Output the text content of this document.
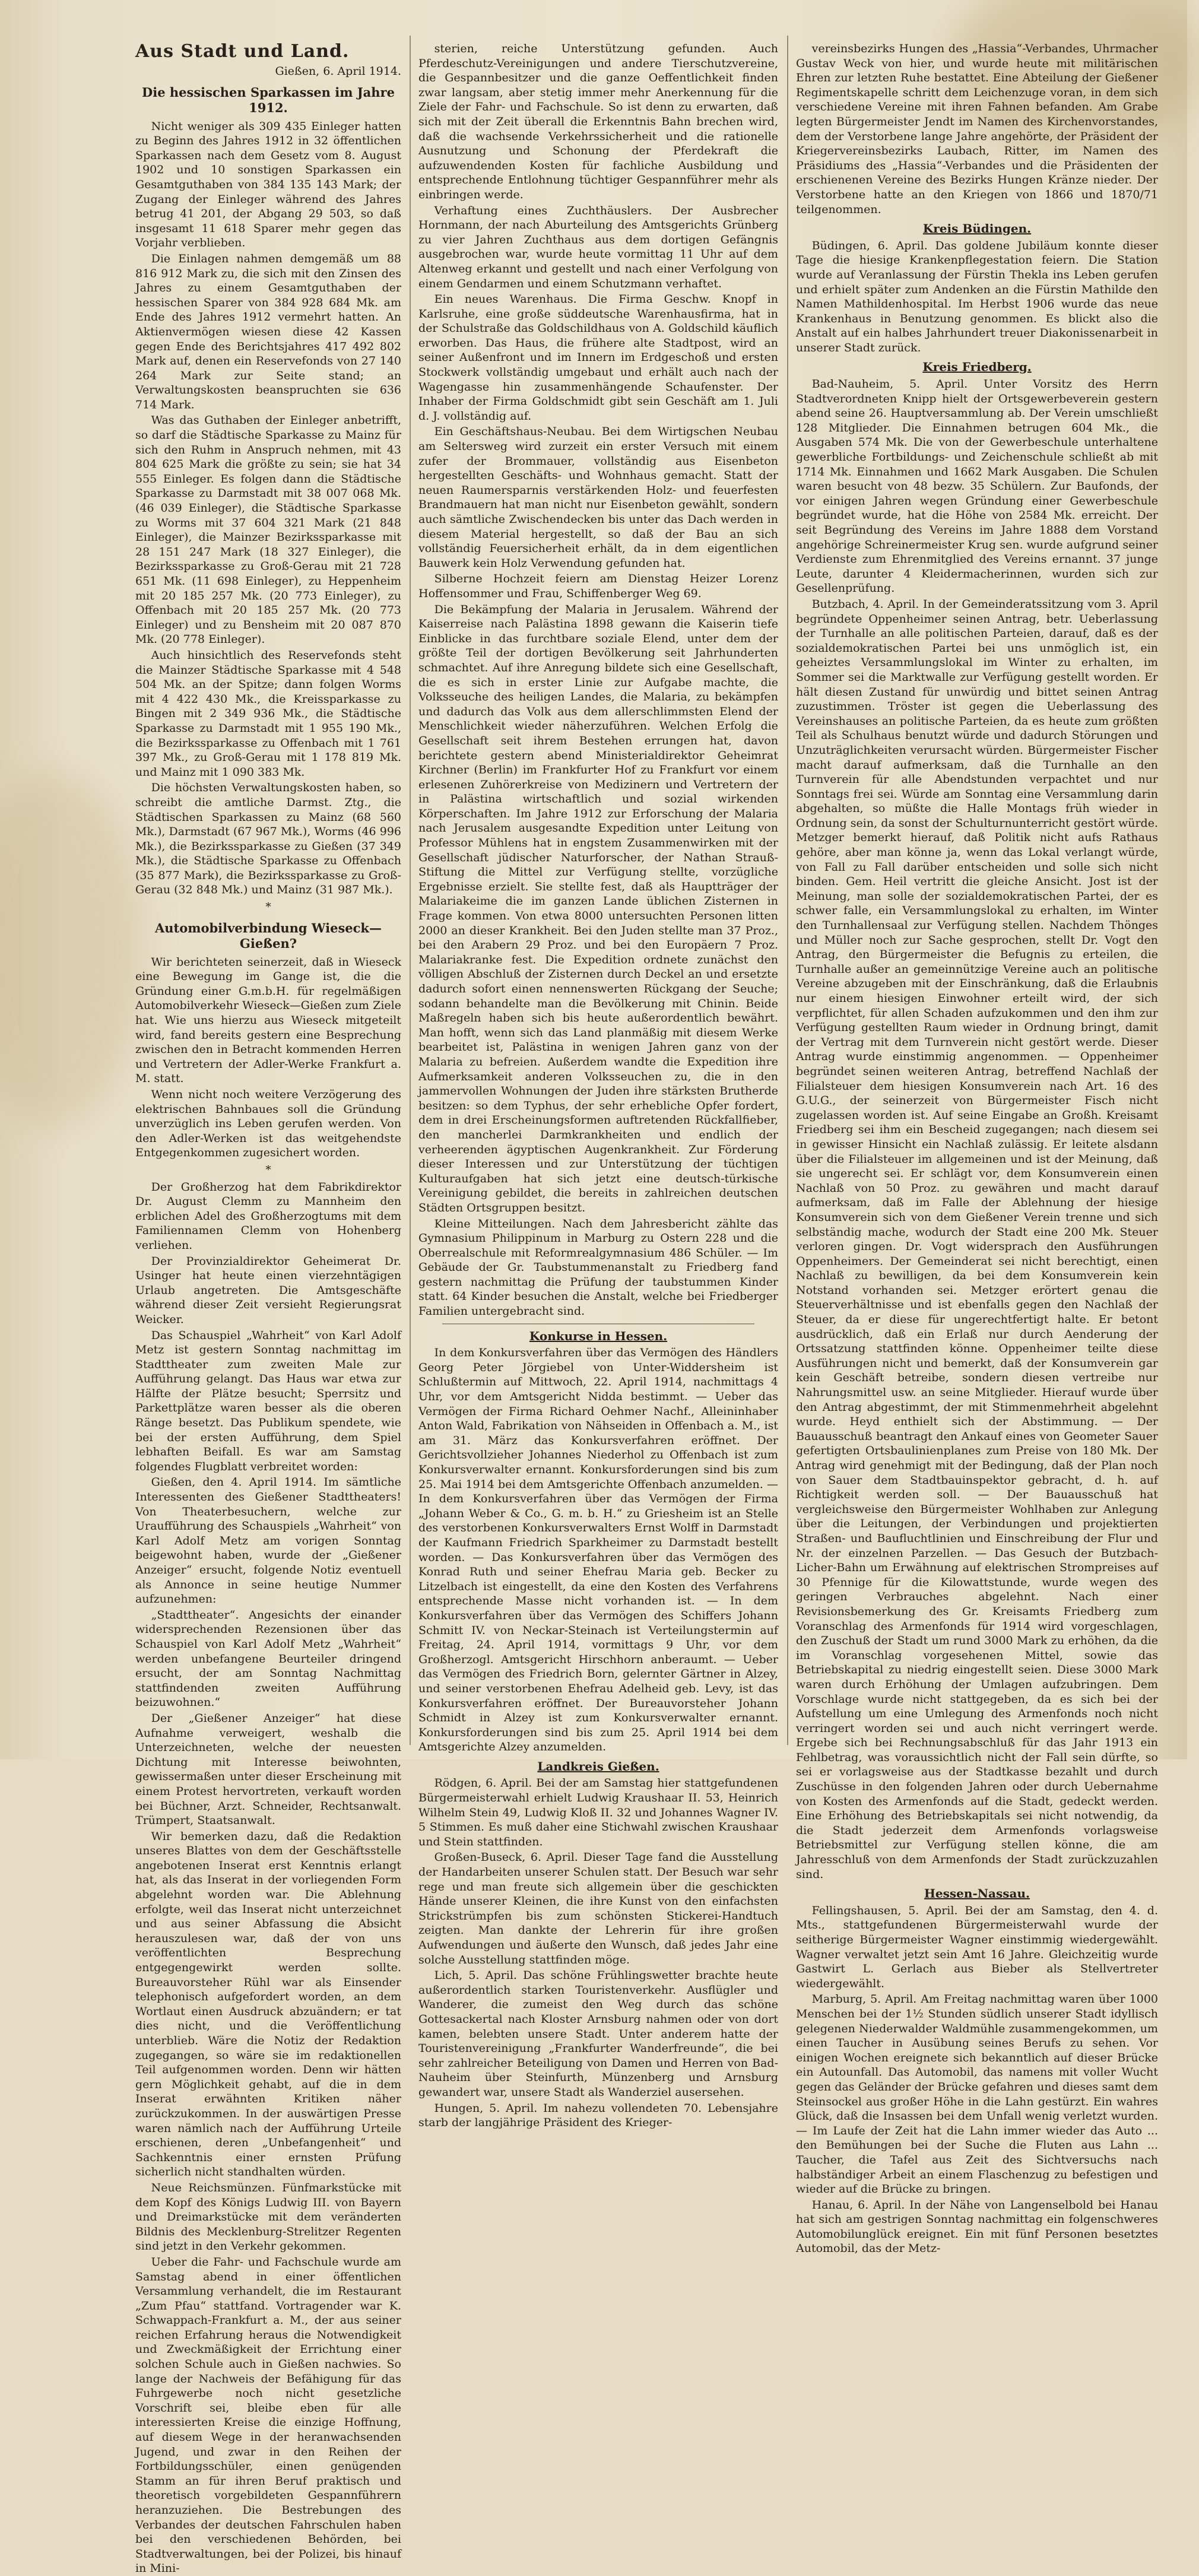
Aus Stadt und Land.

Gießen, 6. April 1914.

Die hessischen Sparkassen im Jahre 1912.

Nicht weniger als 309 435 Einleger hatten zu Beginn des Jahres 1912 in 32 öffentlichen Sparkassen nach dem Gesetz vom 8. August 1902 und 10 sonstigen Sparkassen ein Gesamtguthaben von 384 135 143 Mark; der Zugang der Einleger während des Jahres betrug 41 201, der Abgang 29 503, so daß insgesamt 11 618 Sparer mehr gegen das Vorjahr verblieben.

Die Einlagen nahmen demgemäß um 88 816 912 Mark zu, die sich mit den Zinsen des Jahres zu einem Gesamtguthaben der hessischen Sparer von 384 928 684 Mk. am Ende des Jahres 1912 vermehrt hatten. An Aktienvermögen wiesen diese 42 Kassen gegen Ende des Berichtsjahres 417 492 802 Mark auf, denen ein Reservefonds von 27 140 264 Mark zur Seite stand; an Verwaltungskosten beanspruchten sie 636 714 Mark.

Was das Guthaben der Einleger anbetrifft, so darf die Städtische Sparkasse zu Mainz für sich den Ruhm in Anspruch nehmen, mit 43 804 625 Mark die größte zu sein; sie hat 34 555 Einleger. Es folgen dann die Städtische Sparkasse zu Darmstadt mit 38 007 068 Mk. (46 039 Einleger), die Städtische Sparkasse zu Worms mit 37 604 321 Mark (21 848 Einleger), die Mainzer Bezirkssparkasse mit 28 151 247 Mark (18 327 Einleger), die Bezirkssparkasse zu Groß-Gerau mit 21 728 651 Mk. (11 698 Einleger), zu Heppenheim mit 20 185 257 Mk. (20 773 Einleger), zu Offenbach mit 20 185 257 Mk. (20 773 Einleger) und zu Bensheim mit 20 087 870 Mk. (20 778 Einleger).

Auch hinsichtlich des Reservefonds steht die Mainzer Städtische Sparkasse mit 4 548 504 Mk. an der Spitze; dann folgen Worms mit 4 422 430 Mk., die Kreissparkasse zu Bingen mit 2 349 936 Mk., die Städtische Sparkasse zu Darmstadt mit 1 955 190 Mk., die Bezirkssparkasse zu Offenbach mit 1 761 397 Mk., zu Groß-Gerau mit 1 178 819 Mk. und Mainz mit 1 090 383 Mk.

Die höchsten Verwaltungskosten haben, so schreibt die amtliche Darmst. Ztg., die Städtischen Sparkassen zu Mainz (68 560 Mk.), Darmstadt (67 967 Mk.), Worms (46 996 Mk.), die Bezirkssparkasse zu Gießen (37 349 Mk.), die Städtische Sparkasse zu Offenbach (35 877 Mark), die Bezirkssparkasse zu Groß-Gerau (32 848 Mk.) und Mainz (31 987 Mk.).

*
Automobilverbindung Wieseck—Gießen?

Wir berichteten seinerzeit, daß in Wieseck eine Bewegung im Gange ist, die die Gründung einer G.m.b.H. für regelmäßigen Automobilverkehr Wieseck—Gießen zum Ziele hat. Wie uns hierzu aus Wieseck mitgeteilt wird, fand bereits gestern eine Besprechung zwischen den in Betracht kommenden Herren und Vertretern der Adler-Werke Frankfurt a. M. statt.

Wenn nicht noch weitere Verzögerung des elektrischen Bahnbaues soll die Gründung unverzüglich ins Leben gerufen werden. Von den Adler-Werken ist das weitgehendste Entgegenkommen zugesichert worden.

*

Der Großherzog hat dem Fabrikdirektor Dr. August Clemm zu Mannheim den erblichen Adel des Großherzogtums mit dem Familiennamen Clemm von Hohenberg verliehen.

Der Provinzialdirektor Geheimerat Dr. Usinger hat heute einen vierzehntägigen Urlaub angetreten. Die Amtsgeschäfte während dieser Zeit versieht Regierungsrat Weicker.

Das Schauspiel „Wahrheit“ von Karl Adolf Metz ist gestern Sonntag nachmittag im Stadttheater zum zweiten Male zur Aufführung gelangt. Das Haus war etwa zur Hälfte der Plätze besucht; Sperrsitz und Parkettplätze waren besser als die oberen Ränge besetzt. Das Publikum spendete, wie bei der ersten Aufführung, dem Spiel lebhaften Beifall. Es war am Samstag folgendes Flugblatt verbreitet worden:

Gießen, den 4. April 1914. Im sämtliche Interessenten des Gießener Stadttheaters! Von Theaterbesuchern, welche zur Uraufführung des Schauspiels „Wahrheit“ von Karl Adolf Metz am vorigen Sonntag beigewohnt haben, wurde der „Gießener Anzeiger“ ersucht, folgende Notiz eventuell als Annonce in seine heutige Nummer aufzunehmen:

„Stadttheater“. Angesichts der einander widersprechenden Rezensionen über das Schauspiel von Karl Adolf Metz „Wahrheit“ werden unbefangene Beurteiler dringend ersucht, der am Sonntag Nachmittag stattfindenden zweiten Aufführung beizuwohnen.“

Der „Gießener Anzeiger“ hat diese Aufnahme verweigert, weshalb die Unterzeichneten, welche der neuesten Dichtung mit Interesse beiwohnten, gewissermaßen unter dieser Erscheinung mit einem Protest hervortreten, verkauft worden bei Büchner, Arzt. Schneider, Rechtsanwalt. Trümpert, Staatsanwalt.

Wir bemerken dazu, daß die Redaktion unseres Blattes von dem der Geschäftsstelle angebotenen Inserat erst Kenntnis erlangt hat, als das Inserat in der vorliegenden Form abgelehnt worden war. Die Ablehnung erfolgte, weil das Inserat nicht unterzeichnet und aus seiner Abfassung die Absicht herauszulesen war, daß der von uns veröffentlichten Besprechung entgegengewirkt werden sollte. Bureauvorsteher Rühl war als Einsender telephonisch aufgefordert worden, an dem Wortlaut einen Ausdruck abzuändern; er tat dies nicht, und die Veröffentlichung unterblieb. Wäre die Notiz der Redaktion zugegangen, so wäre sie im redaktionellen Teil aufgenommen worden. Denn wir hätten gern Möglichkeit gehabt, auf die in dem Inserat erwähnten Kritiken näher zurückzukommen. In der auswärtigen Presse waren nämlich nach der Aufführung Urteile erschienen, deren „Unbefangenheit“ und Sachkenntnis einer ernsten Prüfung sicherlich nicht standhalten würden.

Neue Reichsmünzen. Fünfmarkstücke mit dem Kopf des Königs Ludwig III. von Bayern und Dreimarkstücke mit dem veränderten Bildnis des Mecklenburg-Strelitzer Regenten sind jetzt in den Verkehr gekommen.

Ueber die Fahr- und Fachschule wurde am Samstag abend in einer öffentlichen Versammlung verhandelt, die im Restaurant „Zum Pfau“ stattfand. Vortragender war K. Schwappach-Frankfurt a. M., der aus seiner reichen Erfahrung heraus die Notwendigkeit und Zweckmäßigkeit der Errichtung einer solchen Schule auch in Gießen nachwies. So lange der Nachweis der Befähigung für das Fuhrgewerbe noch nicht gesetzliche Vorschrift sei, bleibe eben für alle interessierten Kreise die einzige Hoffnung, auf diesem Wege in der heranwachsenden Jugend, und zwar in den Reihen der Fortbildungsschüler, einen genügenden Stamm an für ihren Beruf praktisch und theoretisch vorgebildeten Gespannführern heranzuziehen. Die Bestrebungen des Verbandes der deutschen Fahrschulen haben bei den verschiedenen Behörden, bei Stadtverwaltungen, bei der Polizei, bis hinauf in Mini-

sterien, reiche Unterstützung gefunden. Auch Pferdeschutz-Vereinigungen und andere Tierschutzvereine, die Gespannbesitzer und die ganze Oeffentlichkeit finden zwar langsam, aber stetig immer mehr Anerkennung für die Ziele der Fahr- und Fachschule. So ist denn zu erwarten, daß sich mit der Zeit überall die Erkenntnis Bahn brechen wird, daß die wachsende Verkehrssicherheit und die rationelle Ausnutzung und Schonung der Pferdekraft die aufzuwendenden Kosten für fachliche Ausbildung und entsprechende Entlohnung tüchtiger Gespannführer mehr als einbringen werde.

Verhaftung eines Zuchthäuslers. Der Ausbrecher Hornmann, der nach Aburteilung des Amtsgerichts Grünberg zu vier Jahren Zuchthaus aus dem dortigen Gefängnis ausgebrochen war, wurde heute vormittag 11 Uhr auf dem Altenweg erkannt und gestellt und nach einer Verfolgung von einem Gendarmen und einem Schutzmann verhaftet.

Ein neues Warenhaus. Die Firma Geschw. Knopf in Karlsruhe, eine große süddeutsche Warenhausfirma, hat in der Schulstraße das Goldschildhaus von A. Goldschild käuflich erworben. Das Haus, die frühere alte Stadtpost, wird an seiner Außenfront und im Innern im Erdgeschoß und ersten Stockwerk vollständig umgebaut und erhält auch nach der Wagengasse hin zusammenhängende Schaufenster. Der Inhaber der Firma Goldschmidt gibt sein Geschäft am 1. Juli d. J. vollständig auf.

Ein Geschäftshaus-Neubau. Bei dem Wirtigschen Neubau am Seltersweg wird zurzeit ein erster Versuch mit einem zufer der Brommauer, vollständig aus Eisenbeton hergestellten Geschäfts- und Wohnhaus gemacht. Statt der neuen Raumersparnis verstärkenden Holz- und feuerfesten Brandmauern hat man nicht nur Eisenbeton gewählt, sondern auch sämtliche Zwischendecken bis unter das Dach werden in diesem Material hergestellt, so daß der Bau an sich vollständig Feuersicherheit erhält, da in dem eigentlichen Bauwerk kein Holz Verwendung gefunden hat.

Silberne Hochzeit feiern am Dienstag Heizer Lorenz Hoffensommer und Frau, Schiffenberger Weg 69.

Die Bekämpfung der Malaria in Jerusalem. Während der Kaiserreise nach Palästina 1898 gewann die Kaiserin tiefe Einblicke in das furchtbare soziale Elend, unter dem der größte Teil der dortigen Bevölkerung seit Jahrhunderten schmachtet. Auf ihre Anregung bildete sich eine Gesellschaft, die es sich in erster Linie zur Aufgabe machte, die Volksseuche des heiligen Landes, die Malaria, zu bekämpfen und dadurch das Volk aus dem allerschlimmsten Elend der Menschlichkeit wieder näherzuführen. Welchen Erfolg die Gesellschaft seit ihrem Bestehen errungen hat, davon berichtete gestern abend Ministerialdirektor Geheimrat Kirchner (Berlin) im Frankfurter Hof zu Frankfurt vor einem erlesenen Zuhörerkreise von Medizinern und Vertretern der in Palästina wirtschaftlich und sozial wirkenden Körperschaften. Im Jahre 1912 zur Erforschung der Malaria nach Jerusalem ausgesandte Expedition unter Leitung von Professor Mühlens hat in engstem Zusammenwirken mit der Gesellschaft jüdischer Naturforscher, der Nathan Strauß-Stiftung die Mittel zur Verfügung stellte, vorzügliche Ergebnisse erzielt. Sie stellte fest, daß als Hauptträger der Malariakeime die im ganzen Lande üblichen Zisternen in Frage kommen. Von etwa 8000 untersuchten Personen litten 2000 an dieser Krankheit. Bei den Juden stellte man 37 Proz., bei den Arabern 29 Proz. und bei den Europäern 7 Proz. Malariakranke fest. Die Expedition ordnete zunächst den völligen Abschluß der Zisternen durch Deckel an und ersetzte dadurch sofort einen nennenswerten Rückgang der Seuche; sodann behandelte man die Bevölkerung mit Chinin. Beide Maßregeln haben sich bis heute außerordentlich bewährt. Man hofft, wenn sich das Land planmäßig mit diesem Werke bearbeitet ist, Palästina in wenigen Jahren ganz von der Malaria zu befreien. Außerdem wandte die Expedition ihre Aufmerksamkeit anderen Volksseuchen zu, die in den jammervollen Wohnungen der Juden ihre stärksten Brutherde besitzen: so dem Typhus, der sehr erhebliche Opfer fordert, dem in drei Erscheinungsformen auftretenden Rückfallfieber, den mancherlei Darmkrankheiten und endlich der verheerenden ägyptischen Augenkrankheit. Zur Förderung dieser Interessen und zur Unterstützung der tüchtigen Kulturaufgaben hat sich jetzt eine deutsch-türkische Vereinigung gebildet, die bereits in zahlreichen deutschen Städten Ortsgruppen besitzt.

Kleine Mitteilungen. Nach dem Jahresbericht zählte das Gymnasium Philippinum in Marburg zu Ostern 228 und die Oberrealschule mit Reformrealgymnasium 486 Schüler. — Im Gebäude der Gr. Taubstummenanstalt zu Friedberg fand gestern nachmittag die Prüfung der taubstummen Kinder statt. 64 Kinder besuchen die Anstalt, welche bei Friedberger Familien untergebracht sind.

Konkurse in Hessen.

In dem Konkursverfahren über das Vermögen des Händlers Georg Peter Jörgiebel von Unter-Widdersheim ist Schlußtermin auf Mittwoch, 22. April 1914, nachmittags 4 Uhr, vor dem Amtsgericht Nidda bestimmt. — Ueber das Vermögen der Firma Richard Oehmer Nachf., Alleininhaber Anton Wald, Fabrikation von Nähseiden in Offenbach a. M., ist am 31. März das Konkursverfahren eröffnet. Der Gerichtsvollzieher Johannes Niederhol zu Offenbach ist zum Konkursverwalter ernannt. Konkursforderungen sind bis zum 25. Mai 1914 bei dem Amtsgerichte Offenbach anzumelden. — In dem Konkursverfahren über das Vermögen der Firma „Johann Weber & Co., G. m. b. H.“ zu Griesheim ist an Stelle des verstorbenen Konkursverwalters Ernst Wolff in Darmstadt der Kaufmann Friedrich Sparkheimer zu Darmstadt bestellt worden. — Das Konkursverfahren über das Vermögen des Konrad Ruth und seiner Ehefrau Maria geb. Becker zu Litzelbach ist eingestellt, da eine den Kosten des Verfahrens entsprechende Masse nicht vorhanden ist. — In dem Konkursverfahren über das Vermögen des Schiffers Johann Schmitt IV. von Neckar-Steinach ist Verteilungstermin auf Freitag, 24. April 1914, vormittags 9 Uhr, vor dem Großherzogl. Amtsgericht Hirschhorn anberaumt. — Ueber das Vermögen des Friedrich Born, gelernter Gärtner in Alzey, und seiner verstorbenen Ehefrau Adelheid geb. Levy, ist das Konkursverfahren eröffnet. Der Bureauvorsteher Johann Schmidt in Alzey ist zum Konkursverwalter ernannt. Konkursforderungen sind bis zum 25. April 1914 bei dem Amtsgerichte Alzey anzumelden.

Landkreis Gießen.

Rödgen, 6. April. Bei der am Samstag hier stattgefundenen Bürgermeisterwahl erhielt Ludwig Kraushaar II. 53, Heinrich Wilhelm Stein 49, Ludwig Kloß II. 32 und Johannes Wagner IV. 5 Stimmen. Es muß daher eine Stichwahl zwischen Kraushaar und Stein stattfinden.

Großen-Buseck, 6. April. Dieser Tage fand die Ausstellung der Handarbeiten unserer Schulen statt. Der Besuch war sehr rege und man freute sich allgemein über die geschickten Hände unserer Kleinen, die ihre Kunst von den einfachsten Strickstrümpfen bis zum schönsten Stickerei-Handtuch zeigten. Man dankte der Lehrerin für ihre großen Aufwendungen und äußerte den Wunsch, daß jedes Jahr eine solche Ausstellung stattfinden möge.

Lich, 5. April. Das schöne Frühlingswetter brachte heute außerordentlich starken Touristenverkehr. Ausflügler und Wanderer, die zumeist den Weg durch das schöne Gottesackertal nach Kloster Arnsburg nahmen oder von dort kamen, belebten unsere Stadt. Unter anderem hatte der Touristenvereinigung „Frankfurter Wanderfreunde“, die bei sehr zahlreicher Beteiligung von Damen und Herren von Bad-Nauheim über Steinfurth, Münzenberg und Arnsburg gewandert war, unsere Stadt als Wanderziel ausersehen.

Hungen, 5. April. Im nahezu vollendeten 70. Lebensjahre starb der langjährige Präsident des Krieger-

vereinsbezirks Hungen des „Hassia“-Verbandes, Uhrmacher Gustav Weck von hier, und wurde heute mit militärischen Ehren zur letzten Ruhe bestattet. Eine Abteilung der Gießener Regimentskapelle schritt dem Leichenzuge voran, in dem sich verschiedene Vereine mit ihren Fahnen befanden. Am Grabe legten Bürgermeister Jendt im Namen des Kirchenvorstandes, dem der Verstorbene lange Jahre angehörte, der Präsident der Kriegervereinsbezirks Laubach, Ritter, im Namen des Präsidiums des „Hassia“-Verbandes und die Präsidenten der erschienenen Vereine des Bezirks Hungen Kränze nieder. Der Verstorbene hatte an den Kriegen von 1866 und 1870/71 teilgenommen.

Kreis Büdingen.

Büdingen, 6. April. Das goldene Jubiläum konnte dieser Tage die hiesige Krankenpflegestation feiern. Die Station wurde auf Veranlassung der Fürstin Thekla ins Leben gerufen und erhielt später zum Andenken an die Fürstin Mathilde den Namen Mathildenhospital. Im Herbst 1906 wurde das neue Krankenhaus in Benutzung genommen. Es blickt also die Anstalt auf ein halbes Jahrhundert treuer Diakonissenarbeit in unserer Stadt zurück.

Kreis Friedberg.

Bad-Nauheim, 5. April. Unter Vorsitz des Herrn Stadtverordneten Knipp hielt der Ortsgewerbeverein gestern abend seine 26. Hauptversammlung ab. Der Verein umschließt 128 Mitglieder. Die Einnahmen betrugen 604 Mk., die Ausgaben 574 Mk. Die von der Gewerbeschule unterhaltene gewerbliche Fortbildungs- und Zeichenschule schließt ab mit 1714 Mk. Einnahmen und 1662 Mark Ausgaben. Die Schulen waren besucht von 48 bezw. 35 Schülern. Zur Baufonds, der vor einigen Jahren wegen Gründung einer Gewerbeschule begründet wurde, hat die Höhe von 2584 Mk. erreicht. Der seit Begründung des Vereins im Jahre 1888 dem Vorstand angehörige Schreinermeister Krug sen. wurde aufgrund seiner Verdienste zum Ehrenmitglied des Vereins ernannt. 37 junge Leute, darunter 4 Kleidermacherinnen, wurden sich zur Gesellenprüfung.

Butzbach, 4. April. In der Gemeinderatssitzung vom 3. April begründete Oppenheimer seinen Antrag, betr. Ueberlassung der Turnhalle an alle politischen Parteien, darauf, daß es der sozialdemokratischen Partei bei uns unmöglich ist, ein geheiztes Versammlungslokal im Winter zu erhalten, im Sommer sei die Marktwalle zur Verfügung gestellt worden. Er hält diesen Zustand für unwürdig und bittet seinen Antrag zuzustimmen. Tröster ist gegen die Ueberlassung des Vereinshauses an politische Parteien, da es heute zum größten Teil als Schulhaus benutzt würde und dadurch Störungen und Unzuträglichkeiten verursacht würden. Bürgermeister Fischer macht darauf aufmerksam, daß die Turnhalle an den Turnverein für alle Abendstunden verpachtet und nur Sonntags frei sei. Würde am Sonntag eine Versammlung darin abgehalten, so müßte die Halle Montags früh wieder in Ordnung sein, da sonst der Schulturnunterricht gestört würde. Metzger bemerkt hierauf, daß Politik nicht aufs Rathaus gehöre, aber man könne ja, wenn das Lokal verlangt würde, von Fall zu Fall darüber entscheiden und solle sich nicht binden. Gem. Heil vertritt die gleiche Ansicht. Jost ist der Meinung, man solle der sozialdemokratischen Partei, der es schwer falle, ein Versammlungslokal zu erhalten, im Winter den Turnhallensaal zur Verfügung stellen. Nachdem Thönges und Müller noch zur Sache gesprochen, stellt Dr. Vogt den Antrag, den Bürgermeister die Befugnis zu erteilen, die Turnhalle außer an gemeinnützige Vereine auch an politische Vereine abzugeben mit der Einschränkung, daß die Erlaubnis nur einem hiesigen Einwohner erteilt wird, der sich verpflichtet, für allen Schaden aufzukommen und den ihm zur Verfügung gestellten Raum wieder in Ordnung bringt, damit der Vertrag mit dem Turnverein nicht gestört werde. Dieser Antrag wurde einstimmig angenommen. — Oppenheimer begründet seinen weiteren Antrag, betreffend Nachlaß der Filialsteuer dem hiesigen Konsumverein nach Art. 16 des G.U.G., der seinerzeit von Bürgermeister Fisch nicht zugelassen worden ist. Auf seine Eingabe an Großh. Kreisamt Friedberg sei ihm ein Bescheid zugegangen; nach diesem sei in gewisser Hinsicht ein Nachlaß zulässig. Er leitete alsdann über die Filialsteuer im allgemeinen und ist der Meinung, daß sie ungerecht sei. Er schlägt vor, dem Konsumverein einen Nachlaß von 50 Proz. zu gewähren und macht darauf aufmerksam, daß im Falle der Ablehnung der hiesige Konsumverein sich von dem Gießener Verein trenne und sich selbständig mache, wodurch der Stadt eine 200 Mk. Steuer verloren gingen. Dr. Vogt widersprach den Ausführungen Oppenheimers. Der Gemeinderat sei nicht berechtigt, einen Nachlaß zu bewilligen, da bei dem Konsumverein kein Notstand vorhanden sei. Metzger erörtert genau die Steuerverhältnisse und ist ebenfalls gegen den Nachlaß der Steuer, da er diese für ungerechtfertigt halte. Er betont ausdrücklich, daß ein Erlaß nur durch Aenderung der Ortssatzung stattfinden könne. Oppenheimer teilte diese Ausführungen nicht und bemerkt, daß der Konsumverein gar kein Geschäft betreibe, sondern diesen vertreibe nur Nahrungsmittel usw. an seine Mitglieder. Hierauf wurde über den Antrag abgestimmt, der mit Stimmenmehrheit abgelehnt wurde. Heyd enthielt sich der Abstimmung. — Der Bauausschuß beantragt den Ankauf eines von Geometer Sauer gefertigten Ortsbaulinienplanes zum Preise von 180 Mk. Der Antrag wird genehmigt mit der Bedingung, daß der Plan noch von Sauer dem Stadtbauinspektor gebracht, d. h. auf Richtigkeit werden soll. — Der Bauausschuß hat vergleichsweise den Bürgermeister Wohlhaben zur Anlegung über die Leitungen, der Verbindungen und projektierten Straßen- und Baufluchtlinien und Einschreibung der Flur und Nr. der einzelnen Parzellen. — Das Gesuch der Butzbach-Licher-Bahn um Erwähnung auf elektrischen Strompreises auf 30 Pfennige für die Kilowattstunde, wurde wegen des geringen Verbrauches abgelehnt. Nach einer Revisionsbemerkung des Gr. Kreisamts Friedberg zum Voranschlag des Armenfonds für 1914 wird vorgeschlagen, den Zuschuß der Stadt um rund 3000 Mark zu erhöhen, da die im Voranschlag vorgesehenen Mittel, sowie das Betriebskapital zu niedrig eingestellt seien. Diese 3000 Mark waren durch Erhöhung der Umlagen aufzubringen. Dem Vorschlage wurde nicht stattgegeben, da es sich bei der Aufstellung um eine Umlegung des Armenfonds noch nicht verringert worden sei und auch nicht verringert werde. Ergebe sich bei Rechnungsabschluß für das Jahr 1913 ein Fehlbetrag, was voraussichtlich nicht der Fall sein dürfte, so sei er vorlagsweise aus der Stadtkasse bezahlt und durch Zuschüsse in den folgenden Jahren oder durch Uebernahme von Kosten des Armenfonds auf die Stadt, gedeckt werden. Eine Erhöhung des Betriebskapitals sei nicht notwendig, da die Stadt jederzeit dem Armenfonds vorlagsweise Betriebsmittel zur Verfügung stellen könne, die am Jahresschluß von dem Armenfonds der Stadt zurückzuzahlen sind.

Hessen-Nassau.

Fellingshausen, 5. April. Bei der am Samstag, den 4. d. Mts., stattgefundenen Bürgermeisterwahl wurde der seitherige Bürgermeister Wagner einstimmig wiedergewählt. Wagner verwaltet jetzt sein Amt 16 Jahre. Gleichzeitig wurde Gastwirt L. Gerlach aus Bieber als Stellvertreter wiedergewählt.

Marburg, 5. April. Am Freitag nachmittag waren über 1000 Menschen bei der 1½ Stunden südlich unserer Stadt idyllisch gelegenen Niederwalder Waldmühle zusammengekommen, um einen Taucher in Ausübung seines Berufs zu sehen. Vor einigen Wochen ereignete sich bekanntlich auf dieser Brücke ein Autounfall. Das Automobil, das namens mit voller Wucht gegen das Geländer der Brücke gefahren und dieses samt dem Steinsockel aus großer Höhe in die Lahn gestürzt. Ein wahres Glück, daß die Insassen bei dem Unfall wenig verletzt wurden. — Im Laufe der Zeit hat die Lahn immer wieder das Auto ... den Bemühungen bei der Suche die Fluten aus Lahn ... Taucher, die Tafel aus Zeit des Sichtversuchs nach halbständiger Arbeit an einem Flaschenzug zu befestigen und wieder auf die Brücke zu bringen.

Hanau, 6. April. In der Nähe von Langenselbold bei Hanau hat sich am gestrigen Sonntag nachmittag ein folgenschweres Automobilunglück ereignet. Ein mit fünf Personen besetztes Automobil, das der Metz-
